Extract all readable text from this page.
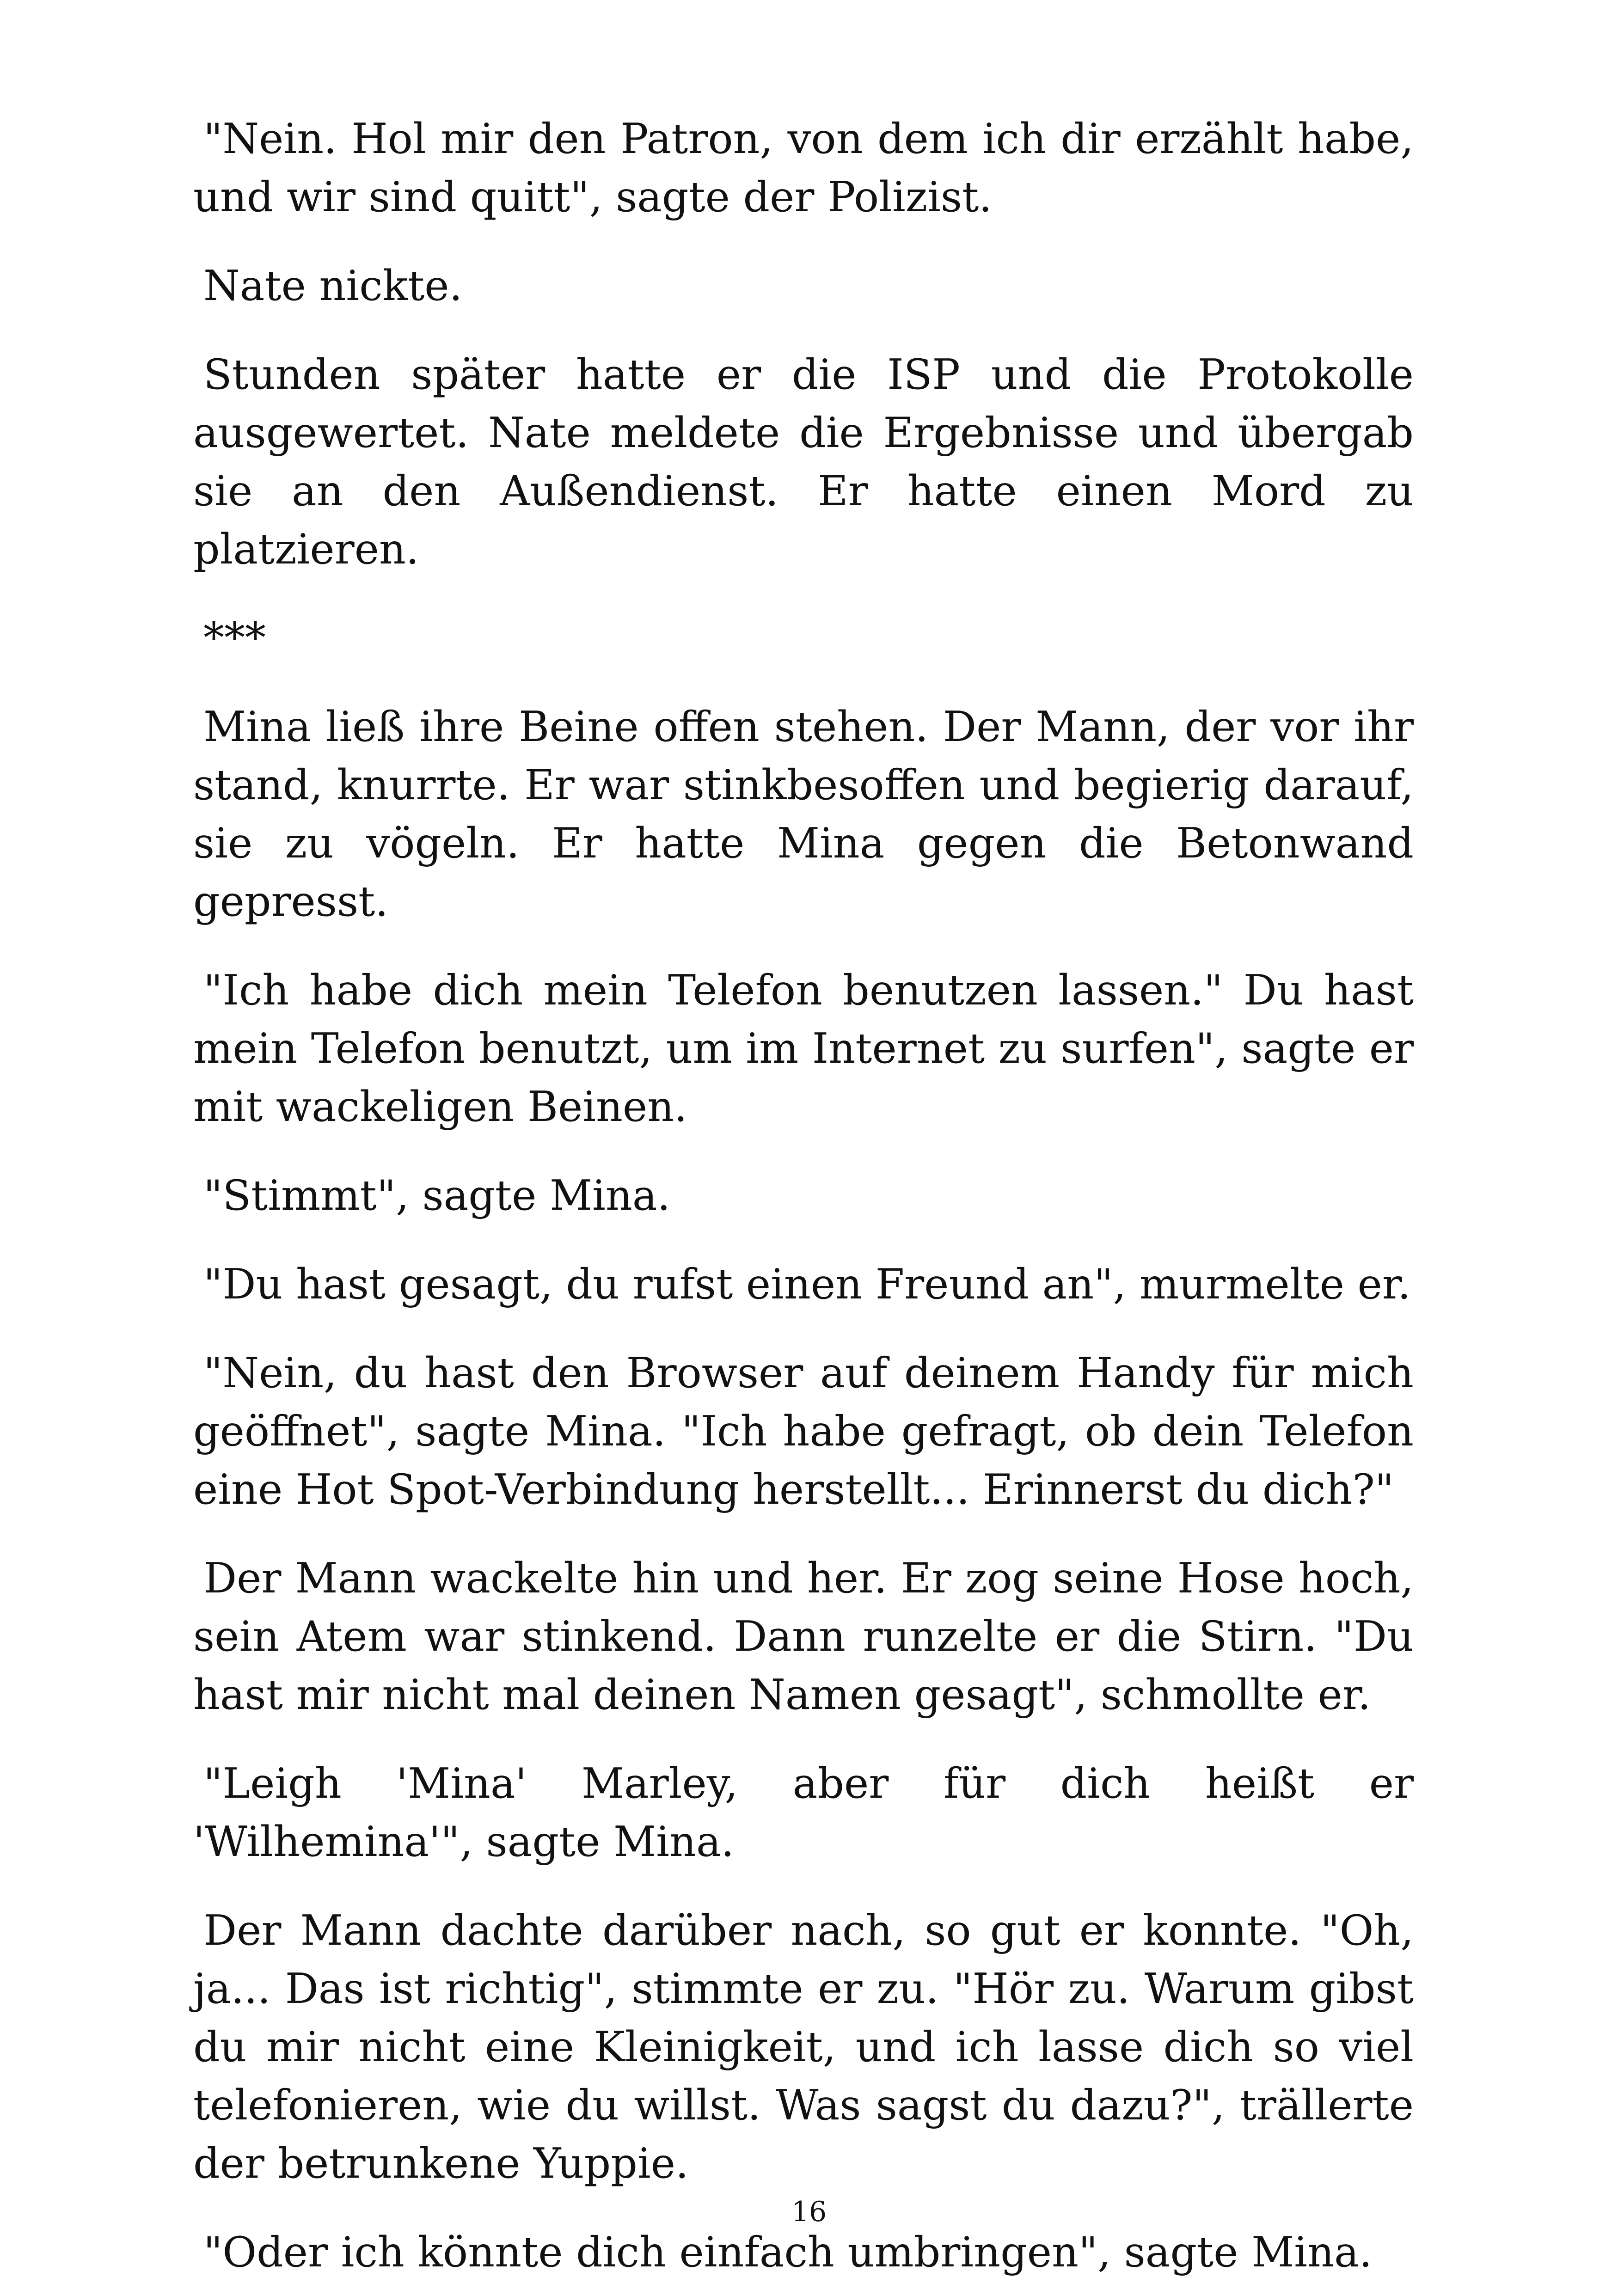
"Nein. Hol mir den Patron, von dem ich dir erzählt habe, und wir sind quitt", sagte der Polizist.

Nate nickte.

Stunden später hatte er die ISP und die Protokolle ausgewertet. Nate meldete die Ergebnisse und übergab sie an den Außendienst. Er hatte einen Mord zu platzieren.

***

Mina ließ ihre Beine offen stehen. Der Mann, der vor ihr stand, knurrte. Er war stinkbesoffen und begierig darauf, sie zu vögeln. Er hatte Mina gegen die Betonwand gepresst.

"Ich habe dich mein Telefon benutzen lassen." Du hast mein Telefon benutzt, um im Internet zu surfen", sagte er mit wackeligen Beinen.

"Stimmt", sagte Mina.

"Du hast gesagt, du rufst einen Freund an", murmelte er.

"Nein, du hast den Browser auf deinem Handy für mich geöffnet", sagte Mina. "Ich habe gefragt, ob dein Telefon eine Hot Spot-Verbindung herstellt... Erinnerst du dich?"

Der Mann wackelte hin und her. Er zog seine Hose hoch, sein Atem war stinkend. Dann runzelte er die Stirn. "Du hast mir nicht mal deinen Namen gesagt", schmollte er.

"Leigh 'Mina' Marley, aber für dich heißt er 'Wilhemina'", sagte Mina.

Der Mann dachte darüber nach, so gut er konnte. "Oh, ja... Das ist richtig", stimmte er zu. "Hör zu. Warum gibst du mir nicht eine Kleinigkeit, und ich lasse dich so viel telefonieren, wie du willst. Was sagst du dazu?", trällerte der betrunkene Yuppie.

"Oder ich könnte dich einfach umbringen", sagte Mina.

16
